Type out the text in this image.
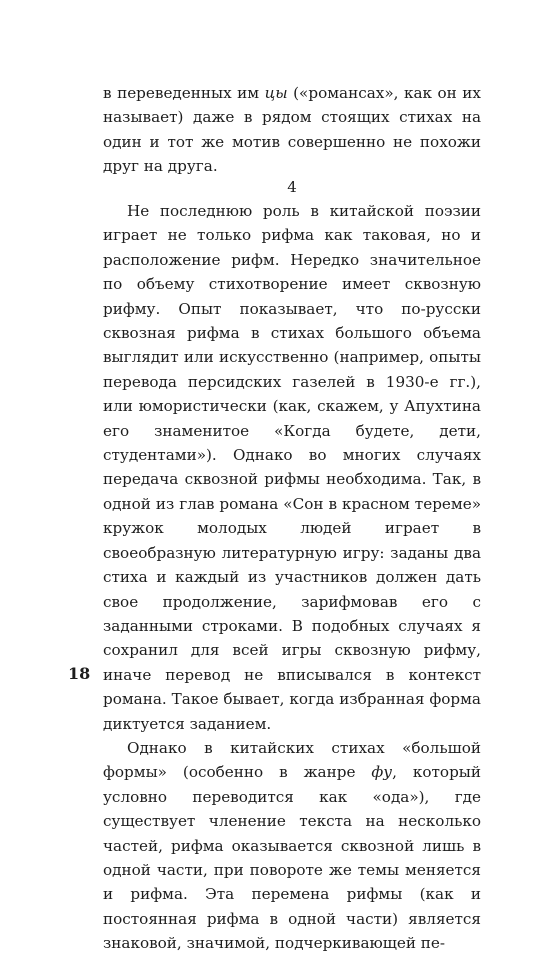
в переведенных им цы («романсах», как он их называет) даже в рядом стоящих стихах на один и тот же мотив совершенно не похожи друг на друга.

4

Не последнюю роль в китайской поэзии играет не только рифма как таковая, но и расположение рифм. Нередко значительное по объему стихотворение имеет сквозную рифму. Опыт показывает, что по-русски сквозная рифма в стихах большого объема выглядит или искусственно (например, опыты перевода персидских газелей в 1930-е гг.), или юмористически (как, скажем, у Апухтина его знаменитое «Когда будете, дети, студентами»). Однако во многих случаях передача сквозной рифмы необходима. Так, в одной из глав романа «Сон в красном тереме» кружок молодых людей играет в своеобразную литературную игру: заданы два стиха и каждый из участников должен дать свое продолжение, зарифмовав его с заданными строками. В подобных случаях я сохранил для всей игры сквозную рифму, иначе перевод не вписывался в контекст романа. Такое бывает, когда избранная форма диктуется заданием.

Однако в китайских стихах «большой формы» (особенно в жанре фу, который условно переводится как «ода»), где существует членение текста на несколько частей, рифма оказывается сквозной лишь в одной части, при повороте же темы меняется и рифма. Эта перемена рифмы (как и постоянная рифма в одной части) является знаковой, значимой, подчеркивающей пе-

18
